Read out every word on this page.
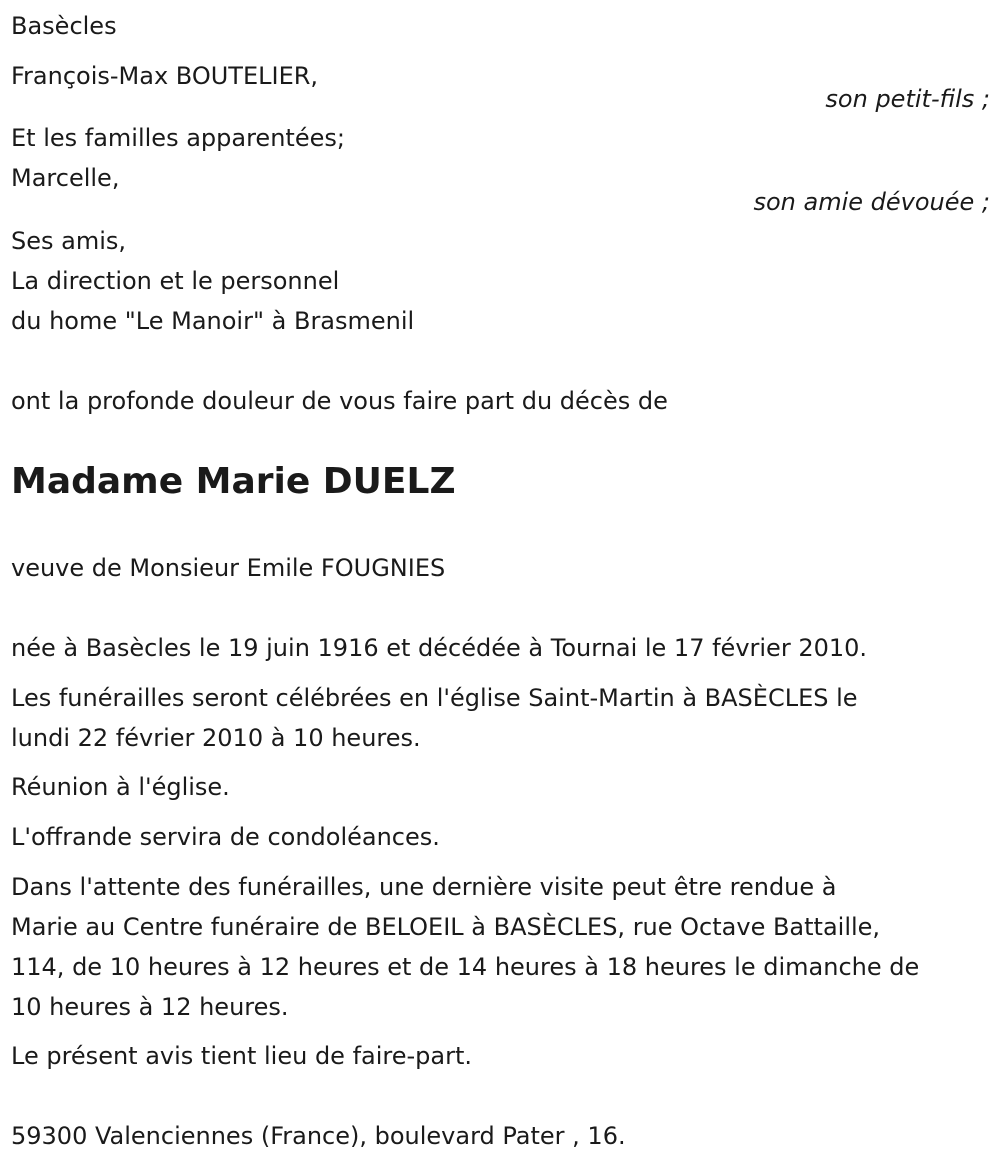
Basècles

François-Max BOUTELIER,

son petit-fils ;

Et les familles apparentées;

Marcelle,

son amie dévouée ;

Ses amis,

La direction et le personnel

du home "Le Manoir" à Brasmenil

ont la profonde douleur de vous faire part du décès de

Madame Marie DUELZ

veuve de Monsieur Emile FOUGNIES

née à Basècles le 19 juin 1916 et décédée à Tournai le 17 février 2010.

Les funérailles seront célébrées en l'église Saint-Martin à BASÈCLES le

lundi 22 février 2010 à 10 heures.

Réunion à l'église.

L'offrande servira de condoléances.

Dans l'attente des funérailles, une dernière visite peut être rendue à

Marie au Centre funéraire de BELOEIL à BASÈCLES, rue Octave Battaille,

114, de 10 heures à 12 heures et de 14 heures à 18 heures le dimanche de

10 heures à 12 heures.

Le présent avis tient lieu de faire-part.

59300 Valenciennes (France), boulevard Pater , 16.
